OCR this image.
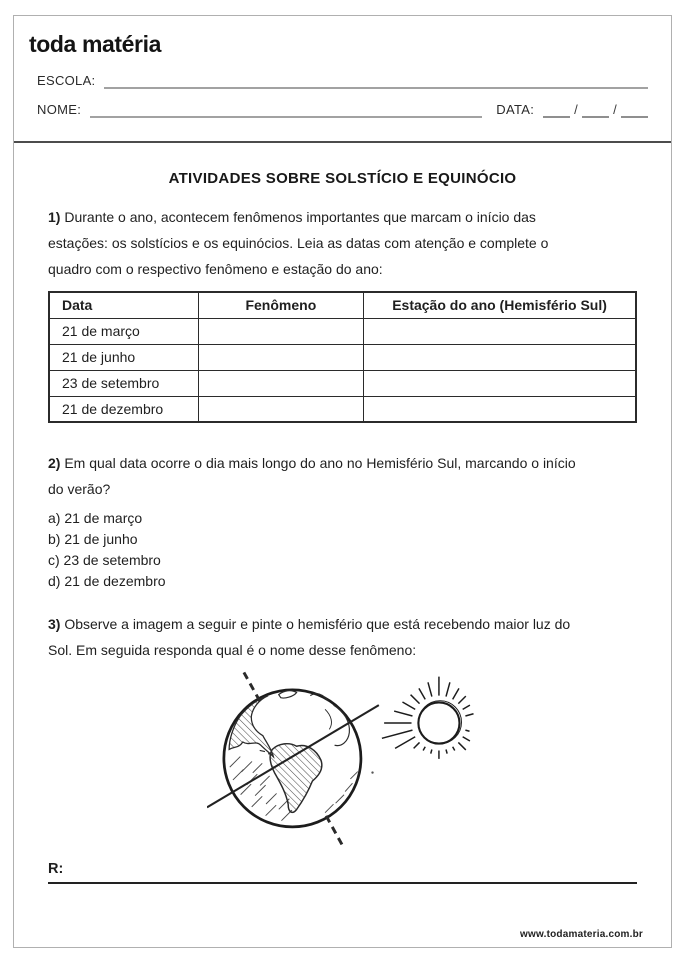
toda matéria
ESCOLA:
NOME:	DATA:	/	/
ATIVIDADES SOBRE SOLSTÍCIO E EQUINÓCIO
1) Durante o ano, acontecem fenômenos importantes que marcam o início das
estações: os solstícios e os equinócios. Leia as datas com atenção e complete o
quadro com o respectivo fenômeno e estação do ano:
Data	Fenômeno	Estação do ano (Hemisfério Sul)
21 de março		
21 de junho		
23 de setembro		
21 de dezembro		
2) Em qual data ocorre o dia mais longo do ano no Hemisfério Sul, marcando o início
do verão?
a) 21 de março
b) 21 de junho
c) 23 de setembro
d) 21 de dezembro
3) Observe a imagem a seguir e pinte o hemisfério que está recebendo maior luz do
Sol. Em seguida responda qual é o nome desse fenômeno:
R:
www.todamateria.com.br
